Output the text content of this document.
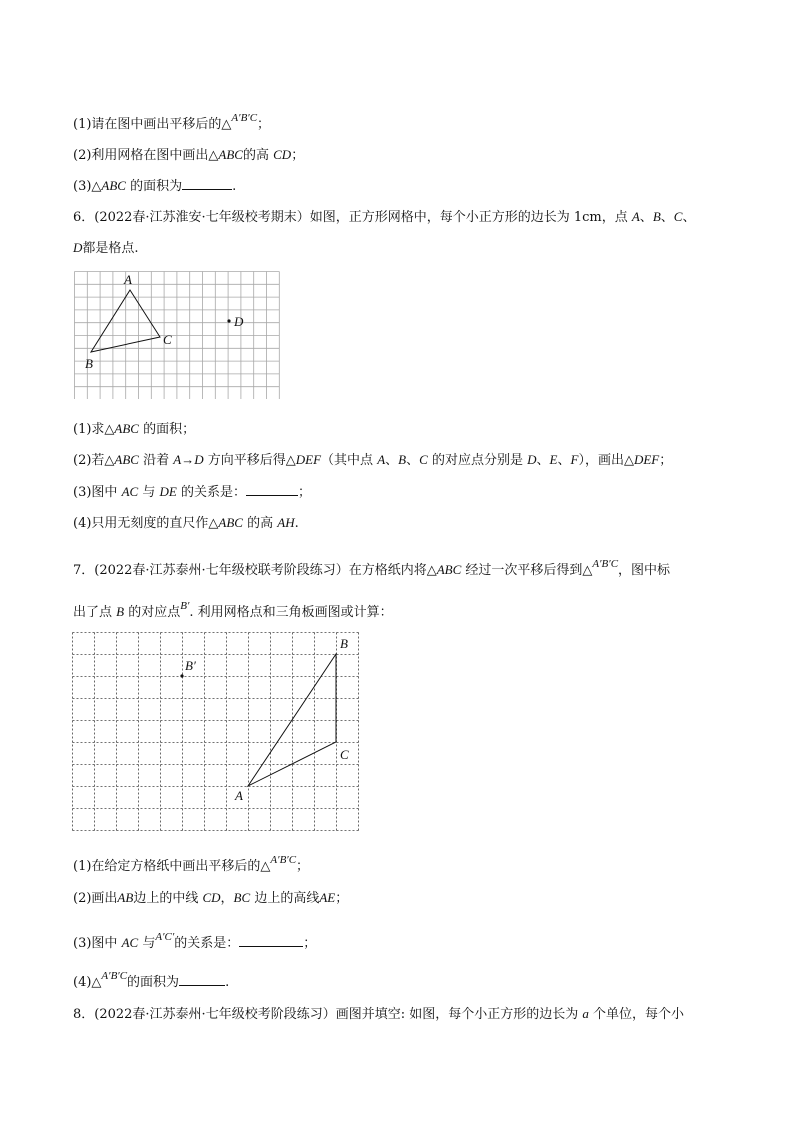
(1)请在图中画出平移后的△$^{A'B'C}$；
(2)利用网格在图中画出△ABC的高 CD；
(3)△ABC 的面积为	.
6．(2022春·江苏淮安·七年级校考期末）如图，正方形网格中，每个小正方形的边长为 1cm，点 A、B、C、
D都是格点.
A
B
C
D
(1)求△ABC 的面积；
(2)若△ABC 沿着 A→D 方向平移后得△DEF（其中点 A、B、C 的对应点分别是 D、E、F），画出△DEF；
(3)图中 AC 与 DE 的关系是：	；
(4)只用无刻度的直尺作△ABC 的高 AH.
7．(2022春·江苏泰州·七年级校联考阶段练习）在方格纸内将△ABC 经过一次平移后得到△$^{A'B'C}$，图中标
出了点 B 的对应点$^{B'}$. 利用网格点和三角板画图或计算：
B
C
A
B′
(1)在给定方格纸中画出平移后的△$^{A'B'C}$；
(2)画出AB边上的中线 CD，BC 边上的高线AE；
(3)图中 AC 与$^{A'C'}$的关系是：	；
(4)△$^{A'B'C}$的面积为	.
8．(2022春·江苏泰州·七年级校考阶段练习）画图并填空: 如图，每个小正方形的边长为 a 个单位，每个小
